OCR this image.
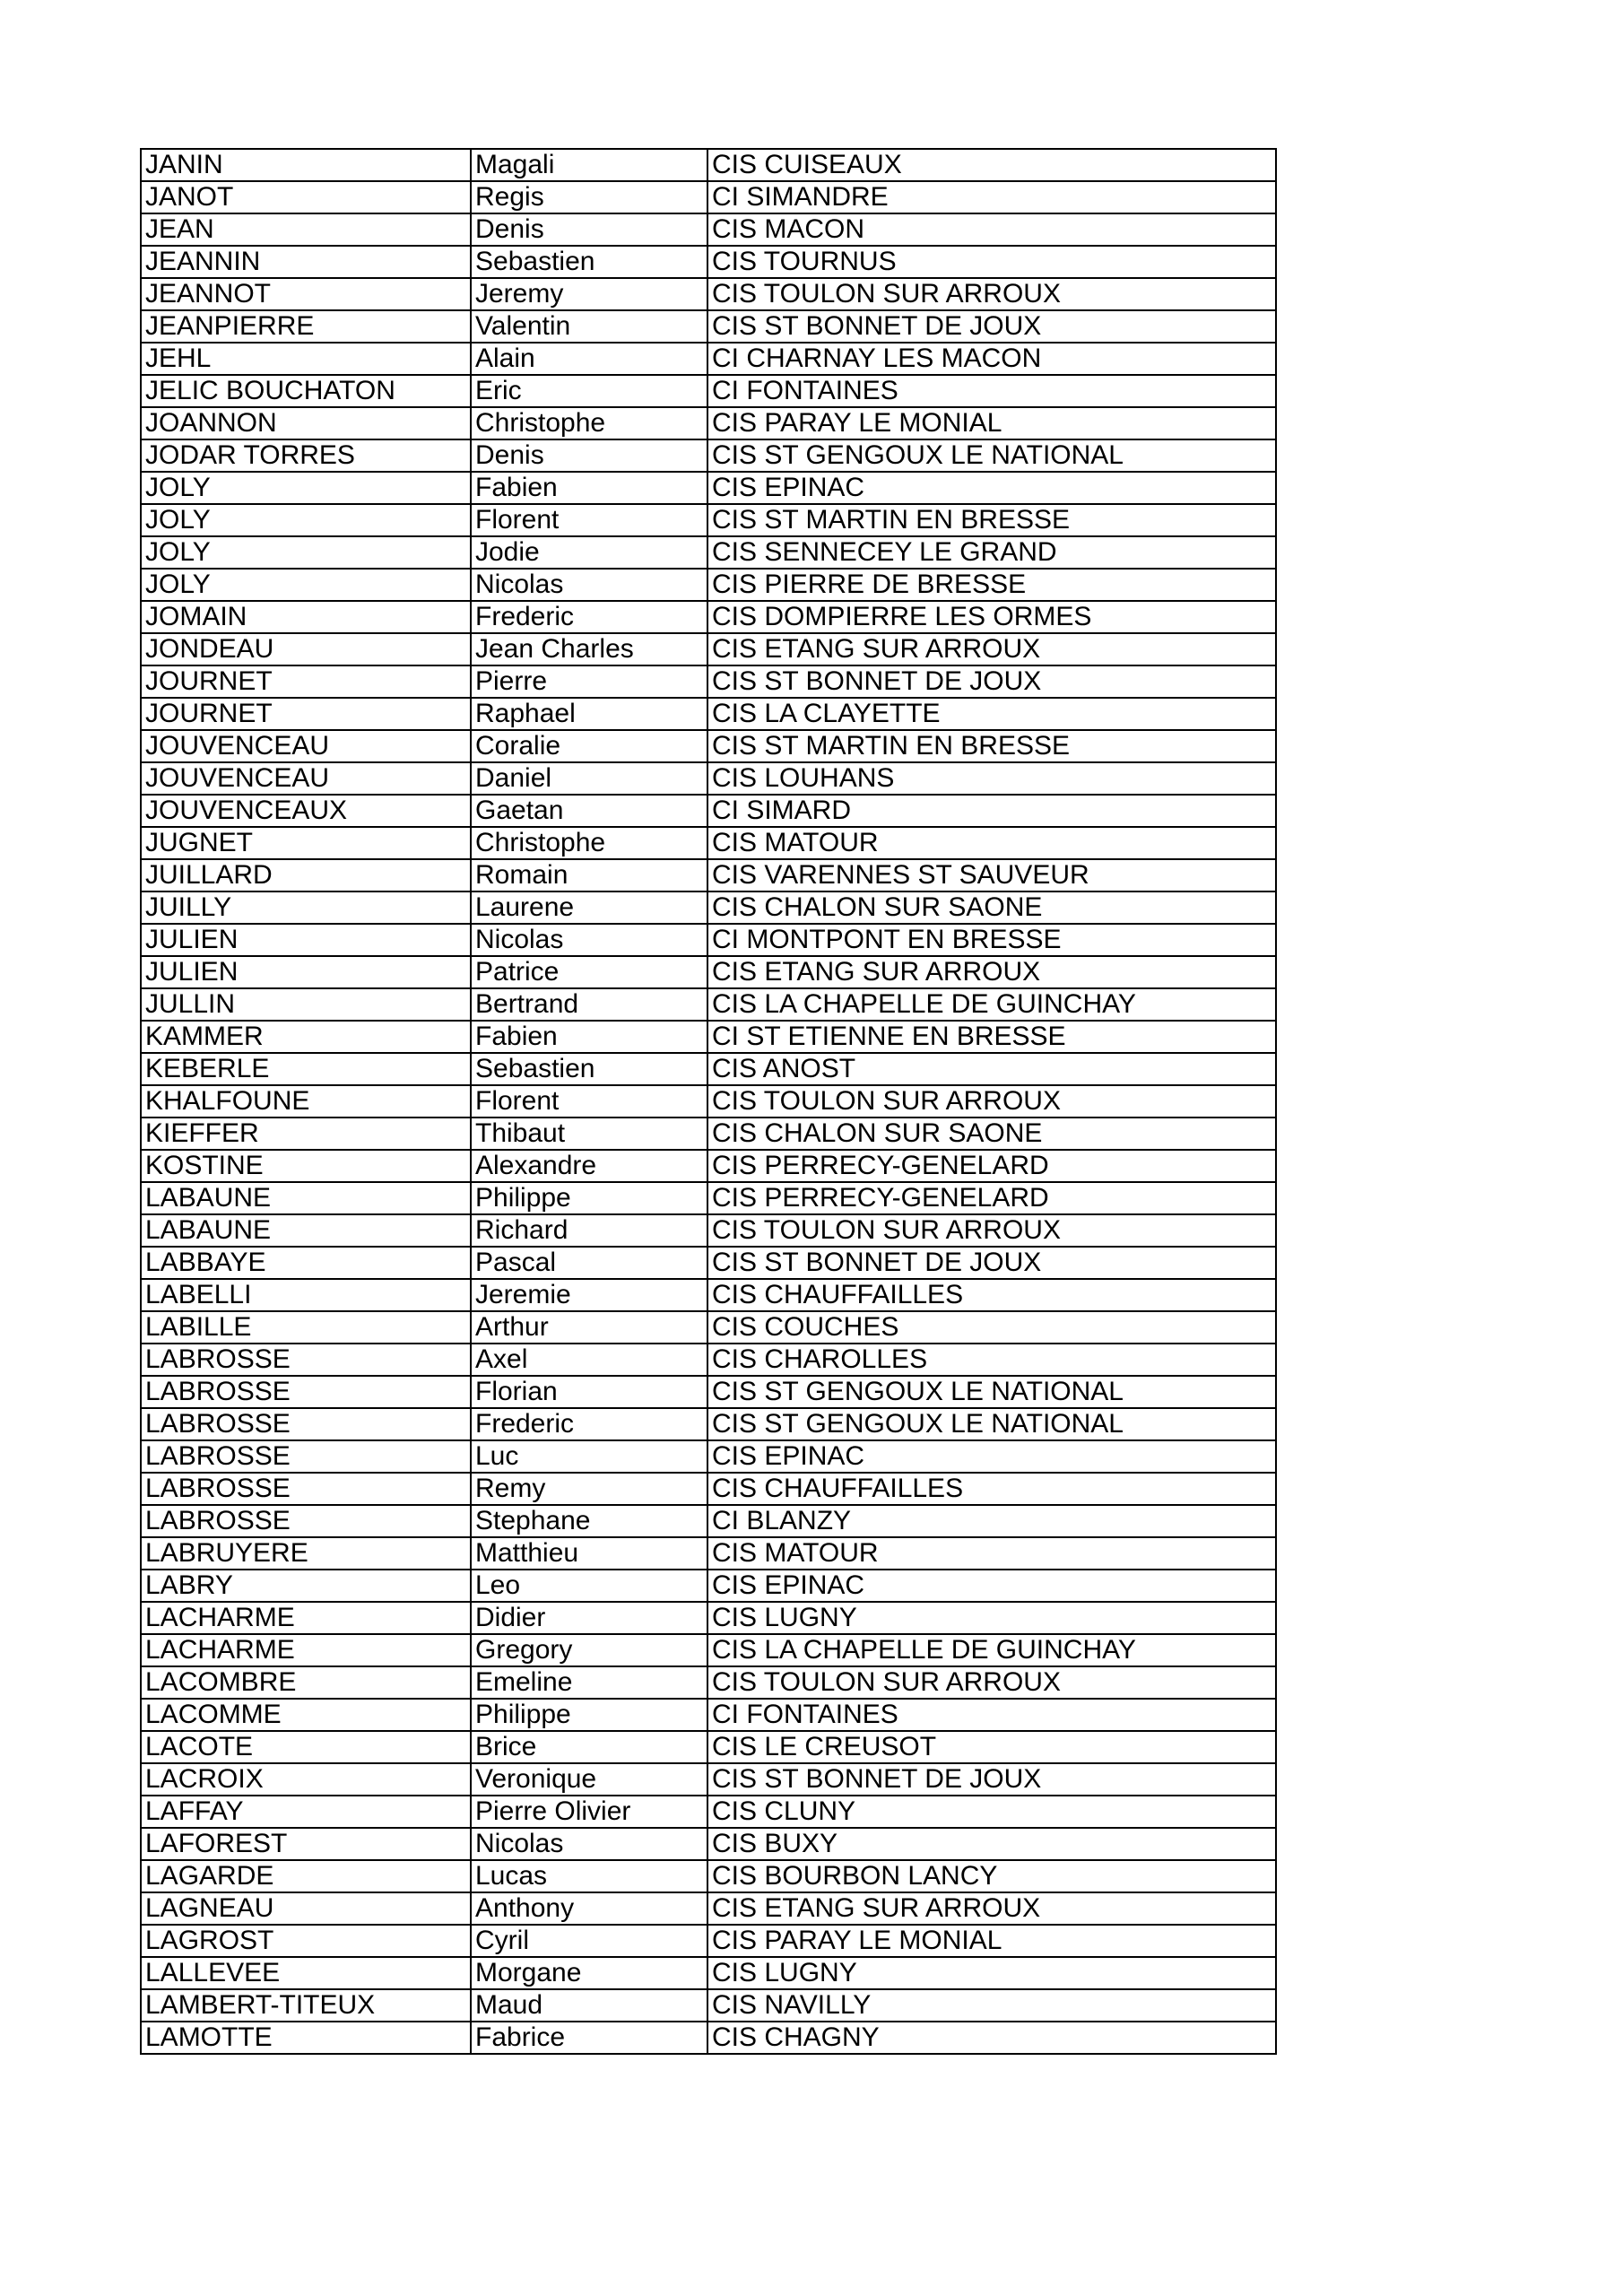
JANIN	Magali	CIS CUISEAUX
JANOT	Regis	CI SIMANDRE
JEAN	Denis	CIS MACON
JEANNIN	Sebastien	CIS TOURNUS
JEANNOT	Jeremy	CIS TOULON SUR ARROUX
JEANPIERRE	Valentin	CIS ST BONNET DE JOUX
JEHL	Alain	CI CHARNAY LES MACON
JELIC BOUCHATON	Eric	CI FONTAINES
JOANNON	Christophe	CIS PARAY LE MONIAL
JODAR TORRES	Denis	CIS ST GENGOUX LE NATIONAL
JOLY	Fabien	CIS EPINAC
JOLY	Florent	CIS ST MARTIN EN BRESSE
JOLY	Jodie	CIS SENNECEY LE GRAND
JOLY	Nicolas	CIS PIERRE DE BRESSE
JOMAIN	Frederic	CIS DOMPIERRE LES ORMES
JONDEAU	Jean Charles	CIS ETANG SUR ARROUX
JOURNET	Pierre	CIS ST BONNET DE JOUX
JOURNET	Raphael	CIS LA CLAYETTE
JOUVENCEAU	Coralie	CIS ST MARTIN EN BRESSE
JOUVENCEAU	Daniel	CIS LOUHANS
JOUVENCEAUX	Gaetan	CI SIMARD
JUGNET	Christophe	CIS MATOUR
JUILLARD	Romain	CIS VARENNES ST SAUVEUR
JUILLY	Laurene	CIS CHALON SUR SAONE
JULIEN	Nicolas	CI MONTPONT EN BRESSE
JULIEN	Patrice	CIS ETANG SUR ARROUX
JULLIN	Bertrand	CIS LA CHAPELLE DE GUINCHAY
KAMMER	Fabien	CI ST ETIENNE EN BRESSE
KEBERLE	Sebastien	CIS ANOST
KHALFOUNE	Florent	CIS TOULON SUR ARROUX
KIEFFER	Thibaut	CIS CHALON SUR SAONE
KOSTINE	Alexandre	CIS PERRECY-GENELARD
LABAUNE	Philippe	CIS PERRECY-GENELARD
LABAUNE	Richard	CIS TOULON SUR ARROUX
LABBAYE	Pascal	CIS ST BONNET DE JOUX
LABELLI	Jeremie	CIS CHAUFFAILLES
LABILLE	Arthur	CIS COUCHES
LABROSSE	Axel	CIS CHAROLLES
LABROSSE	Florian	CIS ST GENGOUX LE NATIONAL
LABROSSE	Frederic	CIS ST GENGOUX LE NATIONAL
LABROSSE	Luc	CIS EPINAC
LABROSSE	Remy	CIS CHAUFFAILLES
LABROSSE	Stephane	CI BLANZY
LABRUYERE	Matthieu	CIS MATOUR
LABRY	Leo	CIS EPINAC
LACHARME	Didier	CIS LUGNY
LACHARME	Gregory	CIS LA CHAPELLE DE GUINCHAY
LACOMBRE	Emeline	CIS TOULON SUR ARROUX
LACOMME	Philippe	CI FONTAINES
LACOTE	Brice	CIS LE CREUSOT
LACROIX	Veronique	CIS ST BONNET DE JOUX
LAFFAY	Pierre Olivier	CIS CLUNY
LAFOREST	Nicolas	CIS BUXY
LAGARDE	Lucas	CIS BOURBON LANCY
LAGNEAU	Anthony	CIS ETANG SUR ARROUX
LAGROST	Cyril	CIS PARAY LE MONIAL
LALLEVEE	Morgane	CIS LUGNY
LAMBERT-TITEUX	Maud	CIS NAVILLY
LAMOTTE	Fabrice	CIS CHAGNY
